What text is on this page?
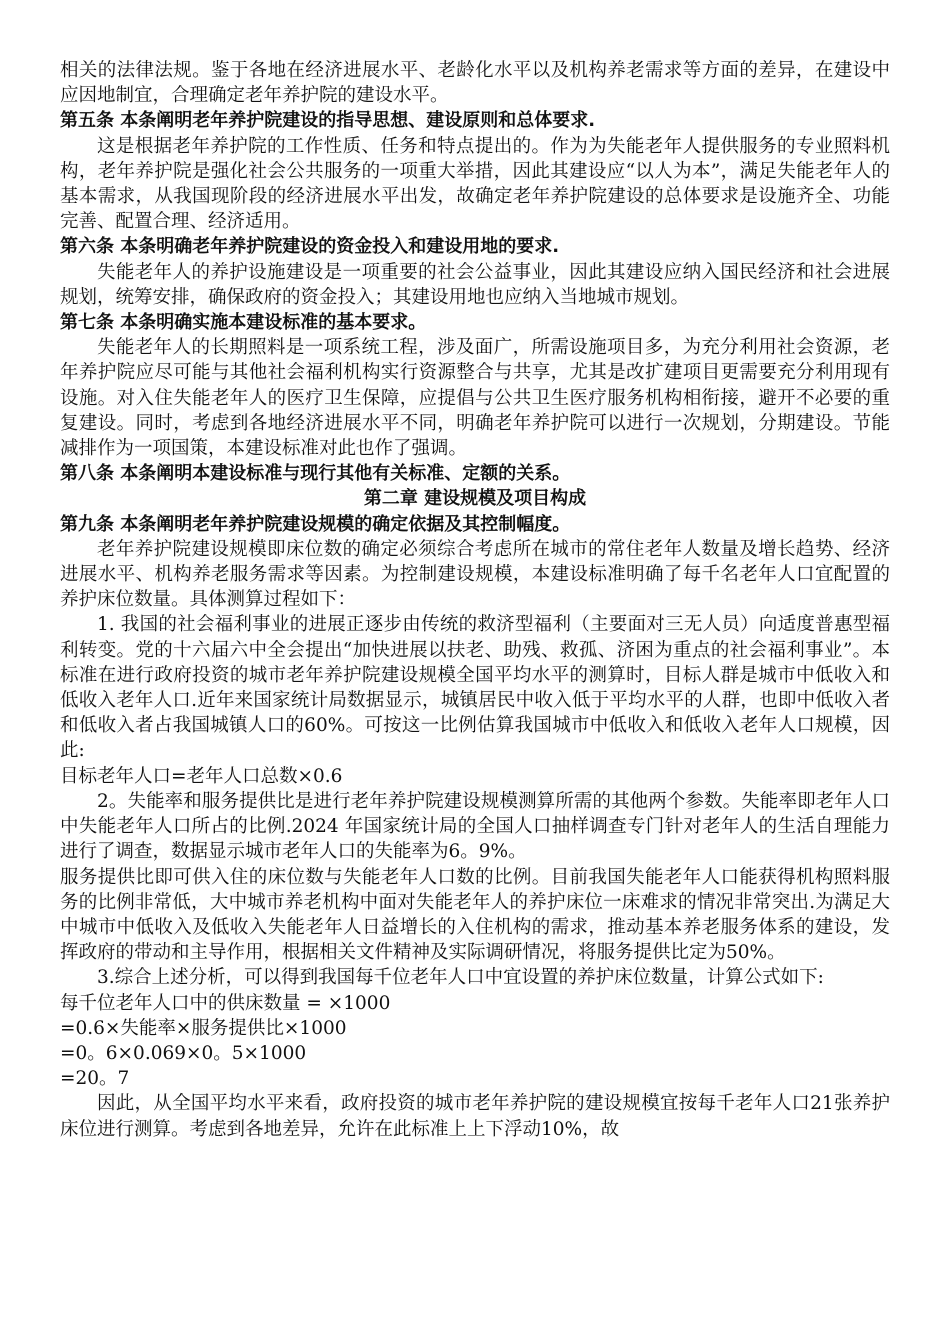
相关的法律法规。鉴于各地在经济进展水平、老龄化水平以及机构养老需求等方面的差异，在建设中应因地制宜，合理确定老年养护院的建设水平。

第五条 本条阐明老年养护院建设的指导思想、建设原则和总体要求.

这是根据老年养护院的工作性质、任务和特点提出的。作为为失能老年人提供服务的专业照料机构，老年养护院是强化社会公共服务的一项重大举措，因此其建设应“以人为本”，满足失能老年人的基本需求，从我国现阶段的经济进展水平出发，故确定老年养护院建设的总体要求是设施齐全、功能完善、配置合理、经济适用。

第六条 本条明确老年养护院建设的资金投入和建设用地的要求.

失能老年人的养护设施建设是一项重要的社会公益事业，因此其建设应纳入国民经济和社会进展规划，统筹安排，确保政府的资金投入；其建设用地也应纳入当地城市规划。

第七条 本条明确实施本建设标准的基本要求。

失能老年人的长期照料是一项系统工程，涉及面广，所需设施项目多，为充分利用社会资源，老年养护院应尽可能与其他社会福利机构实行资源整合与共享，尤其是改扩建项目更需要充分利用现有设施。对入住失能老年人的医疗卫生保障，应提倡与公共卫生医疗服务机构相衔接，避开不必要的重复建设。同时，考虑到各地经济进展水平不同，明确老年养护院可以进行一次规划，分期建设。节能减排作为一项国策，本建设标准对此也作了强调。

第八条 本条阐明本建设标准与现行其他有关标准、定额的关系。

第二章 建设规模及项目构成

第九条 本条阐明老年养护院建设规模的确定依据及其控制幅度。

老年养护院建设规模即床位数的确定必须综合考虑所在城市的常住老年人数量及增长趋势、经济进展水平、机构养老服务需求等因素。为控制建设规模，本建设标准明确了每千名老年人口宜配置的养护床位数量。具体测算过程如下：

1. 我国的社会福利事业的进展正逐步由传统的救济型福利（主要面对三无人员）向适度普惠型福利转变。党的十六届六中全会提出“加快进展以扶老、助残、救孤、济困为重点的社会福利事业”。本标准在进行政府投资的城市老年养护院建设规模全国平均水平的测算时，目标人群是城市中低收入和低收入老年人口.近年来国家统计局数据显示，城镇居民中收入低于平均水平的人群，也即中低收入者和低收入者占我国城镇人口的60%。可按这一比例估算我国城市中低收入和低收入老年人口规模，因此:

目标老年人口=老年人口总数×0.6

2。失能率和服务提供比是进行老年养护院建设规模测算所需的其他两个参数。失能率即老年人口中失能老年人口所占的比例.2024 年国家统计局的全国人口抽样调查专门针对老年人的生活自理能力进行了调查，数据显示城市老年人口的失能率为6。9%。

服务提供比即可供入住的床位数与失能老年人口数的比例。目前我国失能老年人口能获得机构照料服务的比例非常低，大中城市养老机构中面对失能老年人的养护床位一床难求的情况非常突出.为满足大中城市中低收入及低收入失能老年人日益增长的入住机构的需求，推动基本养老服务体系的建设，发挥政府的带动和主导作用，根据相关文件精神及实际调研情况，将服务提供比定为50%。

3.综合上述分析，可以得到我国每千位老年人口中宜设置的养护床位数量，计算公式如下:

每千位老年人口中的供床数量 = ×1000

=0.6×失能率×服务提供比×1000

=0。6×0.069×0。5×1000

=20。7

因此，从全国平均水平来看，政府投资的城市老年养护院的建设规模宜按每千老年人口21张养护床位进行测算。考虑到各地差异，允许在此标准上上下浮动10%，故
